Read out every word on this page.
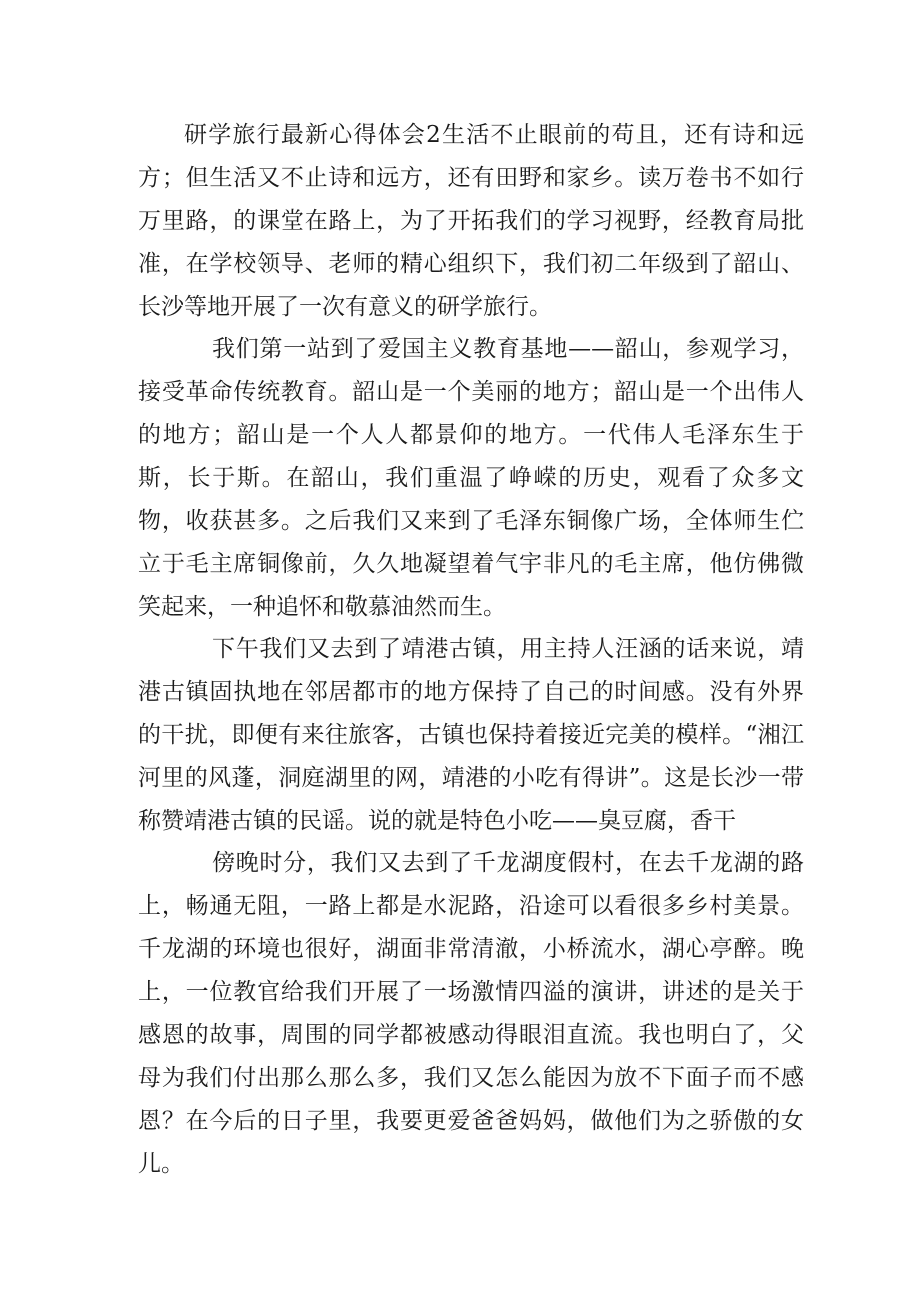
研学旅行最新心得体会2生活不止眼前的苟且，还有诗和远方；但生活又不止诗和远方，还有田野和家乡。读万卷书不如行万里路，的课堂在路上，为了开拓我们的学习视野，经教育局批准，在学校领导、老师的精心组织下，我们初二年级到了韶山、长沙等地开展了一次有意义的研学旅行。

我们第一站到了爱国主义教育基地——韶山，参观学习，接受革命传统教育。韶山是一个美丽的地方；韶山是一个出伟人的地方；韶山是一个人人都景仰的地方。一代伟人毛泽东生于斯，长于斯。在韶山，我们重温了峥嵘的历史，观看了众多文物，收获甚多。之后我们又来到了毛泽东铜像广场，全体师生伫立于毛主席铜像前，久久地凝望着气宇非凡的毛主席，他仿佛微笑起来，一种追怀和敬慕油然而生。

下午我们又去到了靖港古镇，用主持人汪涵的话来说，靖港古镇固执地在邻居都市的地方保持了自己的时间感。没有外界的干扰，即便有来往旅客，古镇也保持着接近完美的模样。“湘江河里的风蓬，洞庭湖里的网，靖港的小吃有得讲”。这是长沙一带称赞靖港古镇的民谣。说的就是特色小吃——臭豆腐，香干

傍晚时分，我们又去到了千龙湖度假村，在去千龙湖的路上，畅通无阻，一路上都是水泥路，沿途可以看很多乡村美景。千龙湖的环境也很好，湖面非常清澈，小桥流水，湖心亭醉。晚上，一位教官给我们开展了一场激情四溢的演讲，讲述的是关于感恩的故事，周围的同学都被感动得眼泪直流。我也明白了，父母为我们付出那么那么多，我们又怎么能因为放不下面子而不感恩？在今后的日子里，我要更爱爸爸妈妈，做他们为之骄傲的女儿。
